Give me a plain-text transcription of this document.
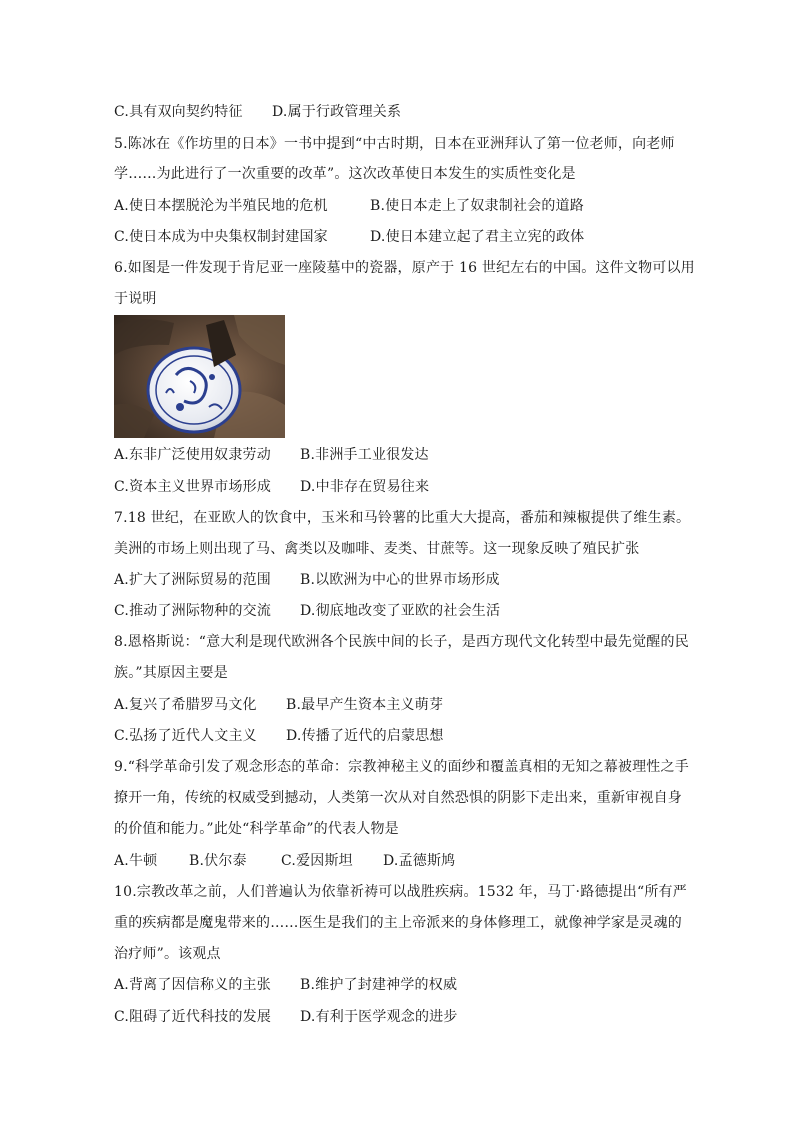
C.具有双向契约特征 D.属于行政管理关系
5.陈冰在《作坊里的日本》一书中提到“中古时期，日本在亚洲拜认了第一位老师，向老师
学……为此进行了一次重要的改革”。这次改革使日本发生的实质性变化是
A.使日本摆脱沦为半殖民地的危机	B.使日本走上了奴隶制社会的道路
C.使日本成为中央集权制封建国家	D.使日本建立起了君主立宪的政体
6.如图是一件发现于肯尼亚一座陵墓中的瓷器，原产于 16 世纪左右的中国。这件文物可以用
于说明
A.东非广泛使用奴隶劳动 B.非洲手工业很发达
C.资本主义世界市场形成 D.中非存在贸易往来
7.18 世纪，在亚欧人的饮食中，玉米和马铃薯的比重大大提高，番茄和辣椒提供了维生素。
美洲的市场上则出现了马、禽类以及咖啡、麦类、甘蔗等。这一现象反映了殖民扩张
A.扩大了洲际贸易的范围 B.以欧洲为中心的世界市场形成
C.推动了洲际物种的交流 D.彻底地改变了亚欧的社会生活
8.恩格斯说：“意大利是现代欧洲各个民族中间的长子，是西方现代文化转型中最先觉醒的民
族。”其原因主要是
A.复兴了希腊罗马文化 B.最早产生资本主义萌芽
C.弘扬了近代人文主义 D.传播了近代的启蒙思想
9.“科学革命引发了观念形态的革命：宗教神秘主义的面纱和覆盖真相的无知之幕被理性之手
撩开一角，传统的权威受到撼动，人类第一次从对自然恐惧的阴影下走出来，重新审视自身
的价值和能力。”此处“科学革命”的代表人物是
A.牛顿 B.伏尔泰 C.爱因斯坦 D.孟德斯鸠
10.宗教改革之前，人们普遍认为依靠祈祷可以战胜疾病。1532 年，马丁·路德提出“所有严
重的疾病都是魔鬼带来的……医生是我们的主上帝派来的身体修理工，就像神学家是灵魂的
治疗师”。该观点
A.背离了因信称义的主张 B.维护了封建神学的权威
C.阻碍了近代科技的发展 D.有利于医学观念的进步
